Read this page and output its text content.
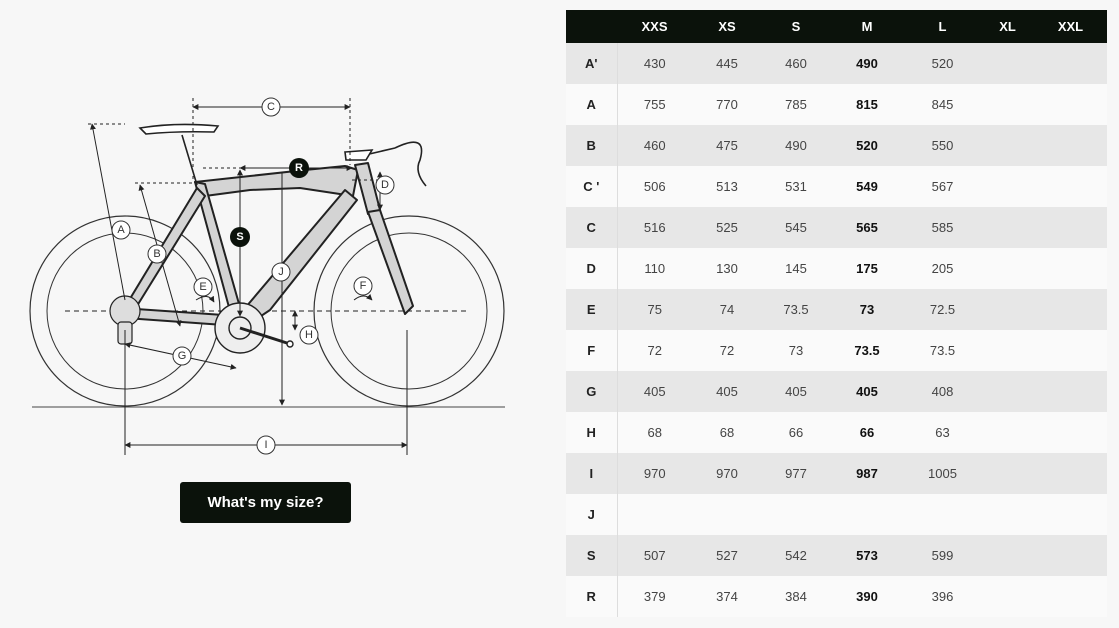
A
B
C
D
E	F
G
H
I
J
S
R
What's my size?
	XXS	XS	S	M	L	XL	XXL
A'	430	445	460	490	520		
A	755	770	785	815	845		
B	460	475	490	520	550		
C '	506	513	531	549	567		
C	516	525	545	565	585		
D	110	130	145	175	205		
E	75	74	73.5	73	72.5		
F	72	72	73	73.5	73.5		
G	405	405	405	405	408		
H	68	68	66	66	63		
I	970	970	977	987	1005		
J							
S	507	527	542	573	599		
R	379	374	384	390	396		
